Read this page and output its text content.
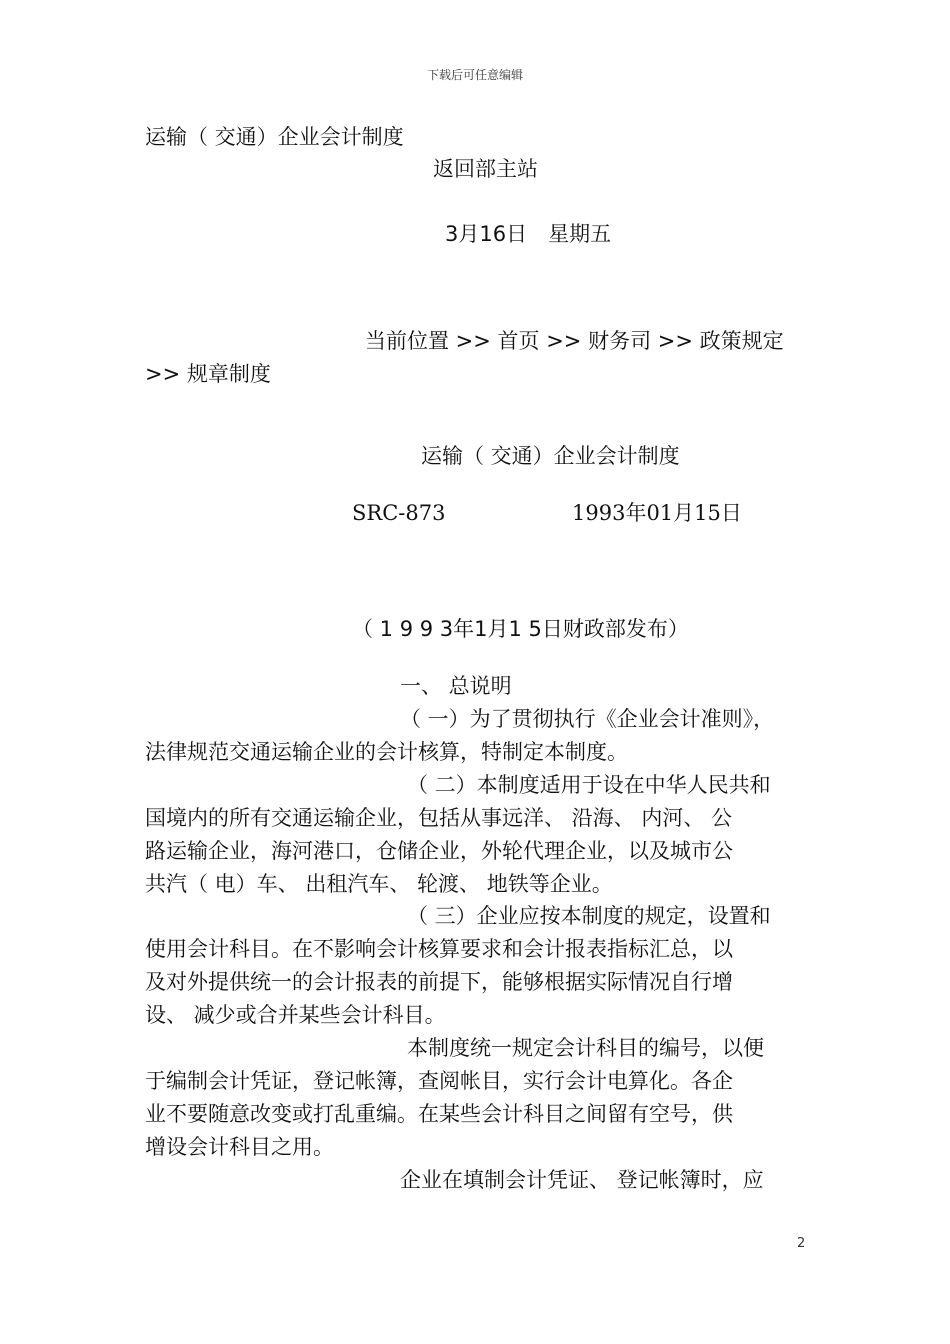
下载后可任意编辑
运输（ 交通）企业会计制度
返回部主站
3月16日　星期五
当前位置 >> 首页 >> 财务司 >> 政策规定
>> 规章制度
运输（ 交通）企业会计制度
SRC-873	1993年01月15日
（ 1 9 9 3年1月1 5日财政部发布）
一、 总说明
（ 一）为了贯彻执行《企业会计准则》，
法律规范交通运输企业的会计核算，特制定本制度。
（ 二）本制度适用于设在中华人民共和
国境内的所有交通运输企业，包括从事远洋、 沿海、 内河、 公
路运输企业，海河港口，仓储企业，外轮代理企业，以及城市公
共汽（ 电）车、 出租汽车、 轮渡、 地铁等企业。
（ 三）企业应按本制度的规定，设置和
使用会计科目。在不影响会计核算要求和会计报表指标汇总，以
及对外提供统一的会计报表的前提下，能够根据实际情况自行增
设、 减少或合并某些会计科目。
本制度统一规定会计科目的编号，以便
于编制会计凭证，登记帐簿，查阅帐目，实行会计电算化。各企
业不要随意改变或打乱重编。在某些会计科目之间留有空号，供
增设会计科目之用。
企业在填制会计凭证、 登记帐簿时，应
2
